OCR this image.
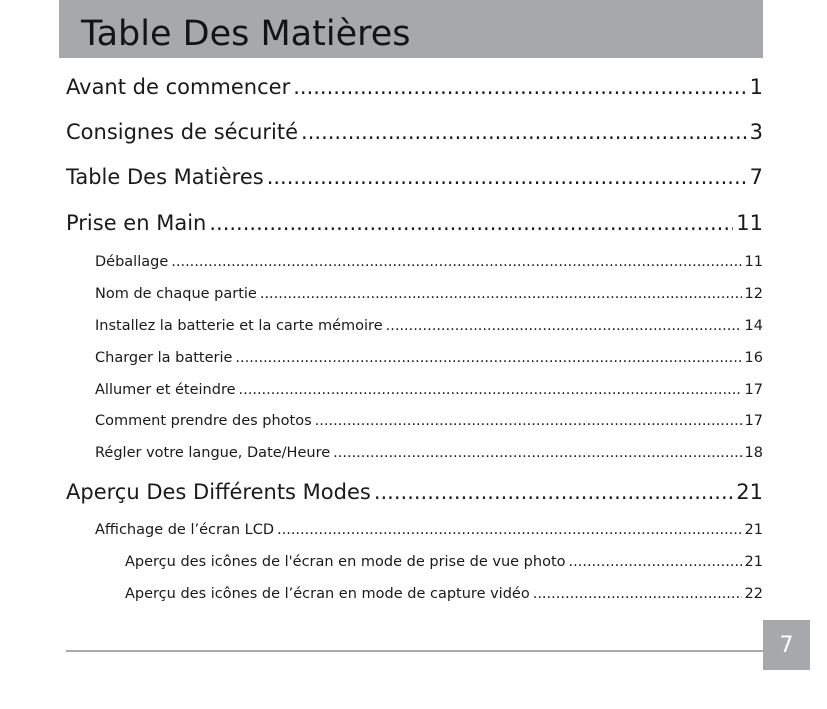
Table Des Matières
Avant de commencer .....	1
Consignes de sécurité .....	3
Table Des Matières .....	7
Prise en Main .....	11
Déballage .....	11
Nom de chaque partie .....	12
Installez la batterie et la carte mémoire .....	14
Charger la batterie .....	16
Allumer et éteindre .....	17
Comment prendre des photos .....	17
Régler votre langue, Date/Heure .....	18
Aperçu Des Différents Modes .....	21
Affichage de l’écran LCD .....	21
Aperçu des icônes de l'écran en mode de prise de vue photo .....	21
Aperçu des icônes de l’écran en mode de capture vidéo .....	22
7
